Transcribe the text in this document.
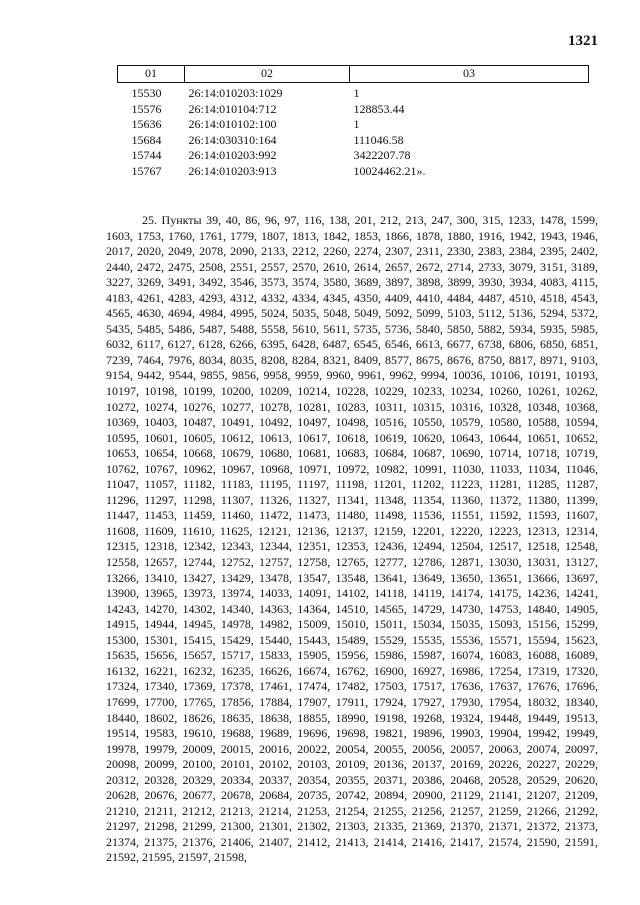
1321
01	02	03
15530	26:14:010203:1029	1
15576	26:14:010104:712	128853.44
15636	26:14:010102:100	1
15684	26:14:030310:164	111046.58
15744	26:14:010203:992	3422207.78
15767	26:14:010203:913	10024462.21».

25. Пункты 39, 40, 86, 96, 97, 116, 138, 201, 212, 213, 247, 300, 315, 1233, 1478, 1599, 1603, 1753, 1760, 1761, 1779, 1807, 1813, 1842, 1853, 1866, 1878, 1880, 1916, 1942, 1943, 1946, 2017, 2020, 2049, 2078, 2090, 2133, 2212, 2260, 2274, 2307, 2311, 2330, 2383, 2384, 2395, 2402, 2440, 2472, 2475, 2508, 2551, 2557, 2570, 2610, 2614, 2657, 2672, 2714, 2733, 3079, 3151, 3189, 3227, 3269, 3491, 3492, 3546, 3573, 3574, 3580, 3689, 3897, 3898, 3899, 3930, 3934, 4083, 4115, 4183, 4261, 4283, 4293, 4312, 4332, 4334, 4345, 4350, 4409, 4410, 4484, 4487, 4510, 4518, 4543, 4565, 4630, 4694, 4984, 4995, 5024, 5035, 5048, 5049, 5092, 5099, 5103, 5112, 5136, 5294, 5372, 5435, 5485, 5486, 5487, 5488, 5558, 5610, 5611, 5735, 5736, 5840, 5850, 5882, 5934, 5935, 5985, 6032, 6117, 6127, 6128, 6266, 6395, 6428, 6487, 6545, 6546, 6613, 6677, 6738, 6806, 6850, 6851, 7239, 7464, 7976, 8034, 8035, 8208, 8284, 8321, 8409, 8577, 8675, 8676, 8750, 8817, 8971, 9103, 9154, 9442, 9544, 9855, 9856, 9958, 9959, 9960, 9961, 9962, 9994, 10036, 10106, 10191, 10193, 10197, 10198, 10199, 10200, 10209, 10214, 10228, 10229, 10233, 10234, 10260, 10261, 10262, 10272, 10274, 10276, 10277, 10278, 10281, 10283, 10311, 10315, 10316, 10328, 10348, 10368, 10369, 10403, 10487, 10491, 10492, 10497, 10498, 10516, 10550, 10579, 10580, 10588, 10594, 10595, 10601, 10605, 10612, 10613, 10617, 10618, 10619, 10620, 10643, 10644, 10651, 10652, 10653, 10654, 10668, 10679, 10680, 10681, 10683, 10684, 10687, 10690, 10714, 10718, 10719, 10762, 10767, 10962, 10967, 10968, 10971, 10972, 10982, 10991, 11030, 11033, 11034, 11046, 11047, 11057, 11182, 11183, 11195, 11197, 11198, 11201, 11202, 11223, 11281, 11285, 11287, 11296, 11297, 11298, 11307, 11326, 11327, 11341, 11348, 11354, 11360, 11372, 11380, 11399, 11447, 11453, 11459, 11460, 11472, 11473, 11480, 11498, 11536, 11551, 11592, 11593, 11607, 11608, 11609, 11610, 11625, 12121, 12136, 12137, 12159, 12201, 12220, 12223, 12313, 12314, 12315, 12318, 12342, 12343, 12344, 12351, 12353, 12436, 12494, 12504, 12517, 12518, 12548, 12558, 12657, 12744, 12752, 12757, 12758, 12765, 12777, 12786, 12871, 13030, 13031, 13127, 13266, 13410, 13427, 13429, 13478, 13547, 13548, 13641, 13649, 13650, 13651, 13666, 13697, 13900, 13965, 13973, 13974, 14033, 14091, 14102, 14118, 14119, 14174, 14175, 14236, 14241, 14243, 14270, 14302, 14340, 14363, 14364, 14510, 14565, 14729, 14730, 14753, 14840, 14905, 14915, 14944, 14945, 14978, 14982, 15009, 15010, 15011, 15034, 15035, 15093, 15156, 15299, 15300, 15301, 15415, 15429, 15440, 15443, 15489, 15529, 15535, 15536, 15571, 15594, 15623, 15635, 15656, 15657, 15717, 15833, 15905, 15956, 15986, 15987, 16074, 16083, 16088, 16089, 16132, 16221, 16232, 16235, 16626, 16674, 16762, 16900, 16927, 16986, 17254, 17319, 17320, 17324, 17340, 17369, 17378, 17461, 17474, 17482, 17503, 17517, 17636, 17637, 17676, 17696, 17699, 17700, 17765, 17856, 17884, 17907, 17911, 17924, 17927, 17930, 17954, 18032, 18340, 18440, 18602, 18626, 18635, 18638, 18855, 18990, 19198, 19268, 19324, 19448, 19449, 19513, 19514, 19583, 19610, 19688, 19689, 19696, 19698, 19821, 19896, 19903, 19904, 19942, 19949, 19978, 19979, 20009, 20015, 20016, 20022, 20054, 20055, 20056, 20057, 20063, 20074, 20097, 20098, 20099, 20100, 20101, 20102, 20103, 20109, 20136, 20137, 20169, 20226, 20227, 20229, 20312, 20328, 20329, 20334, 20337, 20354, 20355, 20371, 20386, 20468, 20528, 20529, 20620, 20628, 20676, 20677, 20678, 20684, 20735, 20742, 20894, 20900, 21129, 21141, 21207, 21209, 21210, 21211, 21212, 21213, 21214, 21253, 21254, 21255, 21256, 21257, 21259, 21266, 21292, 21297, 21298, 21299, 21300, 21301, 21302, 21303, 21335, 21369, 21370, 21371, 21372, 21373, 21374, 21375, 21376, 21406, 21407, 21412, 21413, 21414, 21416, 21417, 21574, 21590, 21591, 21592, 21595, 21597, 21598,
